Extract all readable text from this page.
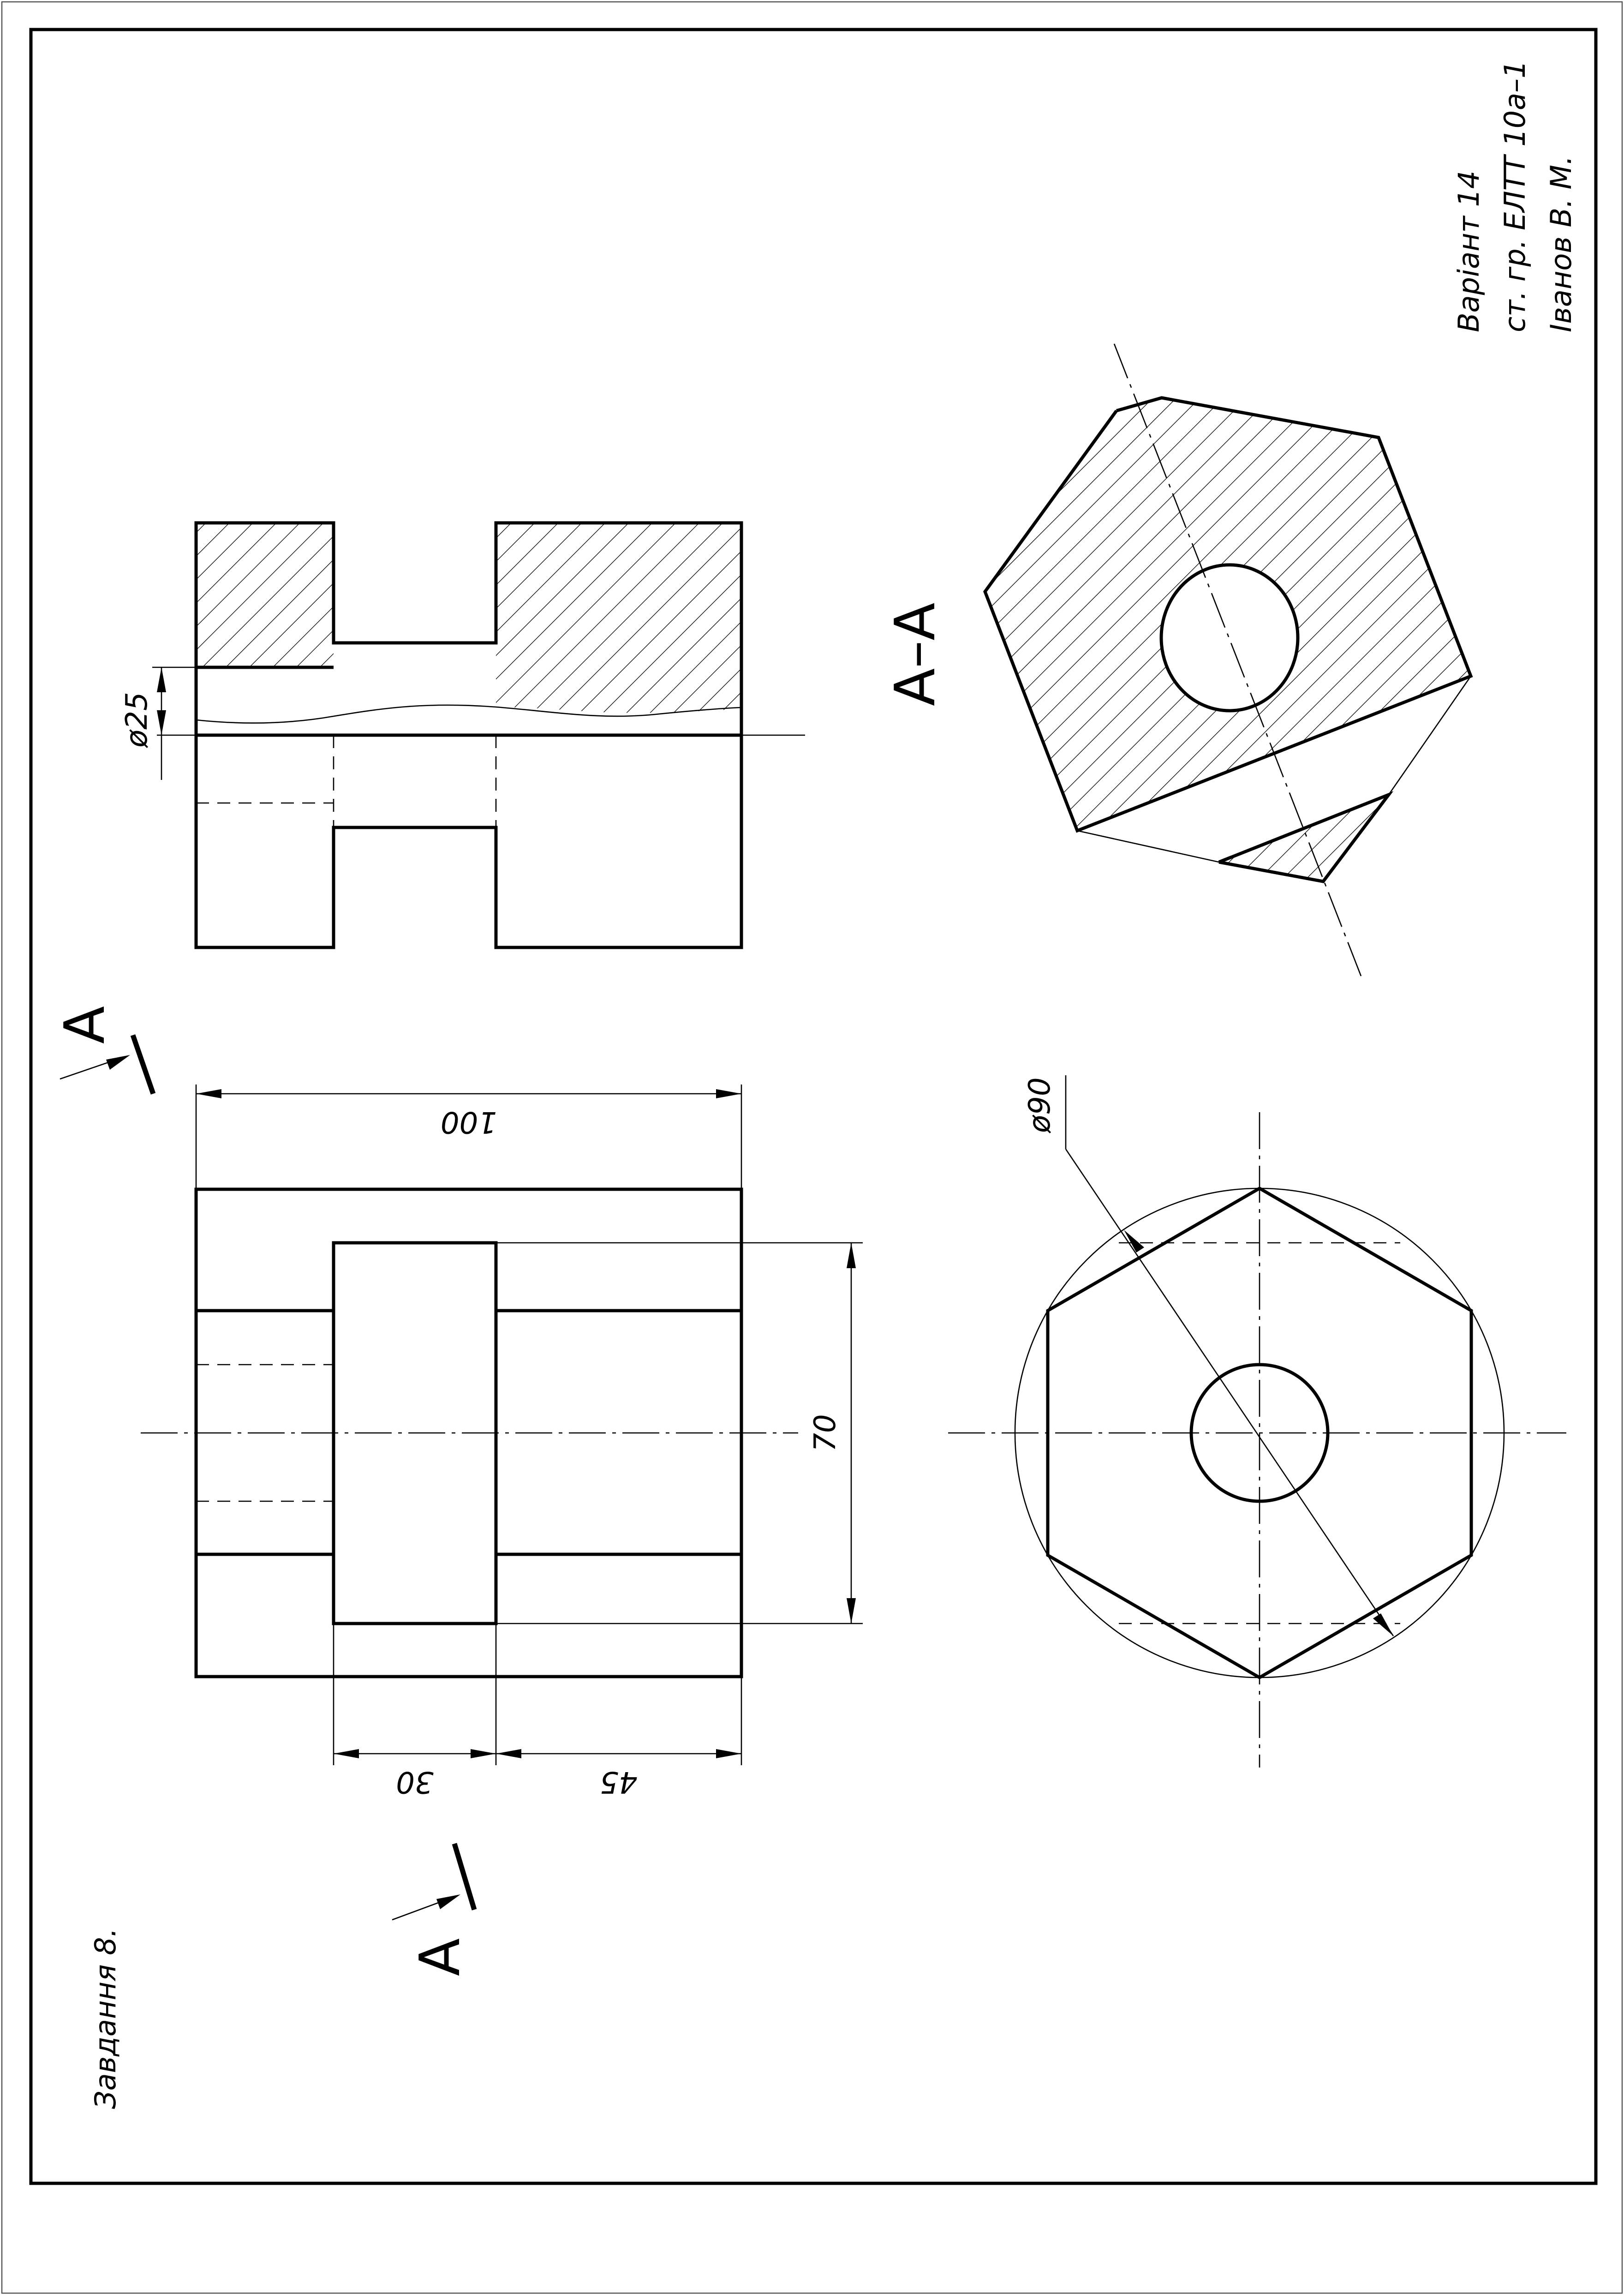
ø25
А
100
70
30	45
А
А–А
ø90
Варіант 14 ст. гр. ЕЛТТ 10а–1 Іванов В. М.
Завдання 8.
